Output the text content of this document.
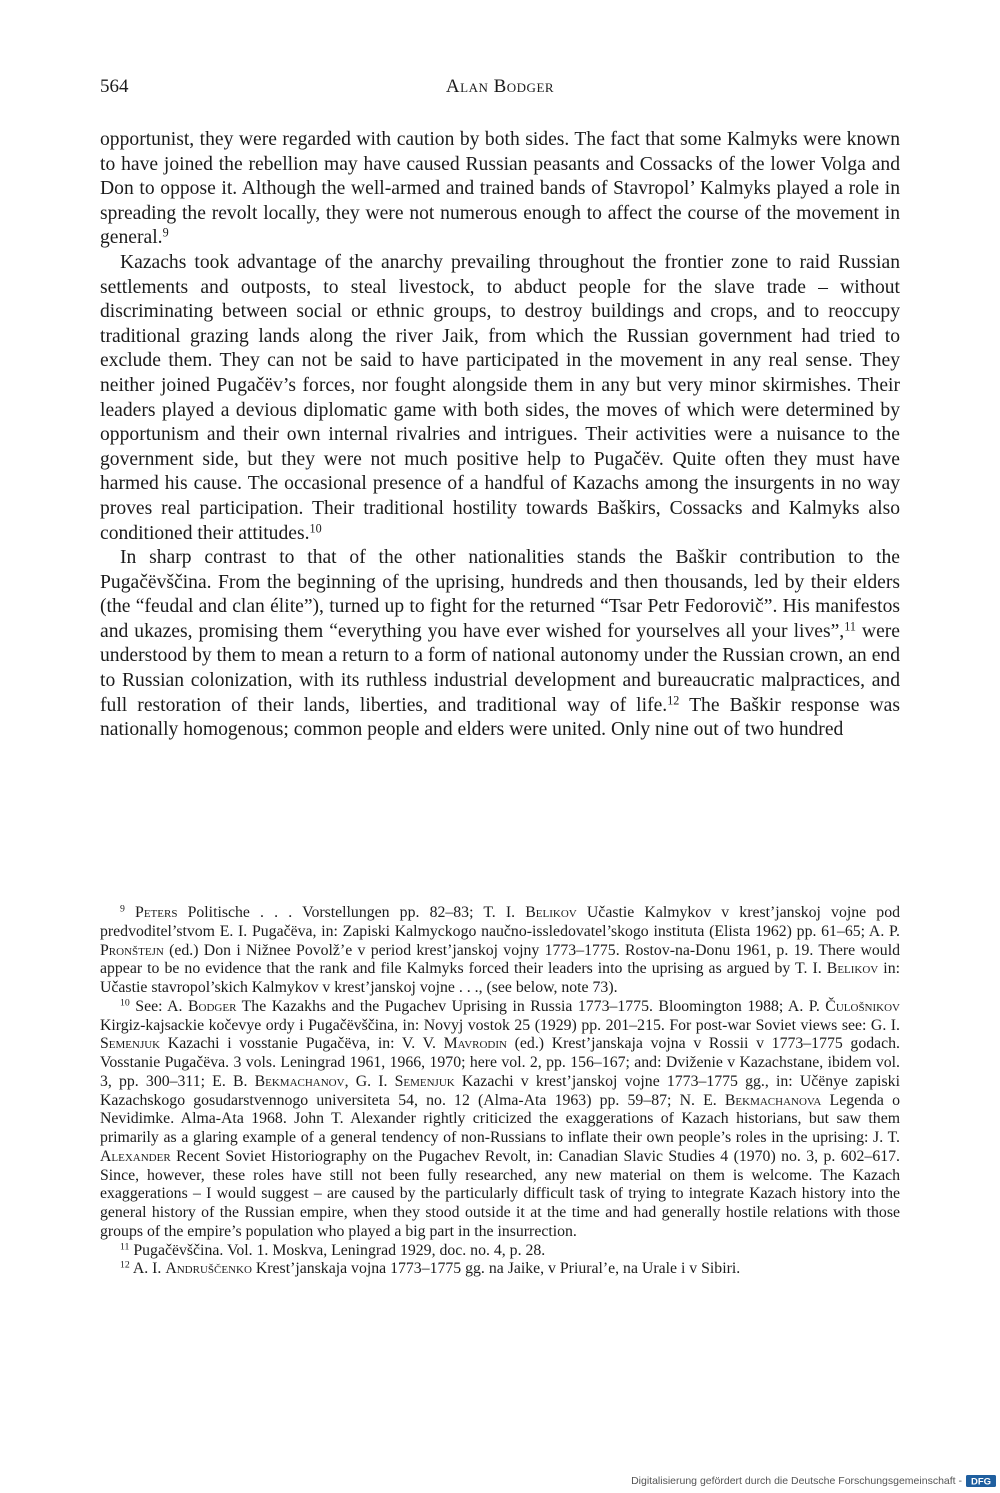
564	Alan Bodger

opportunist, they were regarded with caution by both sides. The fact that some Kalmyks were known to have joined the rebellion may have caused Russian peasants and Cossacks of the lower Volga and Don to oppose it. Although the well-armed and trained bands of Stavropol’ Kalmyks played a role in spreading the revolt locally, they were not numerous enough to affect the course of the movement in general.$^9$

Kazachs took advantage of the anarchy prevailing throughout the frontier zone to raid Russian settlements and outposts, to steal livestock, to abduct people for the slave trade – without discriminating between social or ethnic groups, to destroy buildings and crops, and to reoccupy traditional grazing lands along the river Jaik, from which the Russian government had tried to exclude them. They can not be said to have participated in the movement in any real sense. They neither joined Pugačëv’s forces, nor fought alongside them in any but very minor skirmishes. Their leaders played a devious diplomatic game with both sides, the moves of which were determined by opportunism and their own internal rivalries and intrigues. Their activities were a nuisance to the government side, but they were not much positive help to Pugačëv. Quite often they must have harmed his cause. The occasional presence of a handful of Kazachs among the insurgents in no way proves real participation. Their traditional hostility towards Baškirs, Cossacks and Kalmyks also conditioned their attitudes.$^{10}$

In sharp contrast to that of the other nationalities stands the Baškir contribution to the Pugačëvščina. From the beginning of the uprising, hundreds and then thousands, led by their elders (the “feudal and clan élite”), turned up to fight for the returned “Tsar Petr Fedorovič”. His manifestos and ukazes, promising them “everything you have ever wished for yourselves all your lives”,$^{11}$ were understood by them to mean a return to a form of national autonomy under the Russian crown, an end to Russian colonization, with its ruthless industrial development and bureaucratic malpractices, and full restoration of their lands, liberties, and traditional way of life.$^{12}$ The Baškir response was nationally homogenous; common people and elders were united. Only nine out of two hundred

$^9$ Peters Politische . . . Vorstellungen pp. 82–83; T. I. Belikov Učastie Kalmykov v krest’janskoj vojne pod predvoditel’stvom E. I. Pugačëva, in: Zapiski Kalmyckogo naučno-issledovatel’skogo instituta (Elista 1962) pp. 61–65; A. P. Pronštejn (ed.) Don i Nižnee Povolž’e v period krest’janskoj vojny 1773–1775. Rostov-na-Donu 1961, p. 19. There would appear to be no evidence that the rank and file Kalmyks forced their leaders into the uprising as argued by T. I. Belikov in: Učastie stavropol’skich Kalmykov v krest’janskoj vojne . . ., (see below, note 73).

$^{10}$ See: A. Bodger The Kazakhs and the Pugachev Uprising in Russia 1773–1775. Bloomington 1988; A. P. Čulošnikov Kirgiz-kajsackie kočevye ordy i Pugačëvščina, in: Novyj vostok 25 (1929) pp. 201–215. For post-war Soviet views see: G. I. Semenjuk Kazachi i vosstanie Pugačëva, in: V. V. Mavrodin (ed.) Krest’janskaja vojna v Rossii v 1773–1775 godach. Vosstanie Pugačëva. 3 vols. Leningrad 1961, 1966, 1970; here vol. 2, pp. 156–167; and: Dviženie v Kazachstane, ibidem vol. 3, pp. 300–311; E. B. Bekmachanov, G. I. Semenjuk Kazachi v krest’janskoj vojne 1773–1775 gg., in: Učënye zapiski Kazachskogo gosudarstvennogo universiteta 54, no. 12 (Alma-Ata 1963) pp. 59–87; N. E. Bekmachanova Legenda o Nevidimke. Alma-Ata 1968. John T. Alexander rightly criticized the exaggerations of Kazach historians, but saw them primarily as a glaring example of a general tendency of non-Russians to inflate their own people’s roles in the uprising: J. T. Alexander Recent Soviet Historiography on the Pugachev Revolt, in: Canadian Slavic Studies 4 (1970) no. 3, p. 602–617. Since, however, these roles have still not been fully researched, any new material on them is welcome. The Kazach exaggerations – I would suggest – are caused by the particularly difficult task of trying to integrate Kazach history into the general history of the Russian empire, when they stood outside it at the time and had generally hostile relations with those groups of the empire’s population who played a big part in the insurrection.

$^{11}$ Pugačëvščina. Vol. 1. Moskva, Leningrad 1929, doc. no. 4, p. 28.

$^{12}$ A. I. Andruščenko Krest’janskaja vojna 1773–1775 gg. na Jaike, v Priural’e, na Urale i v Sibiri.

Digitalisierung gefördert durch die Deutsche Forschungsgemeinschaft - DFG
